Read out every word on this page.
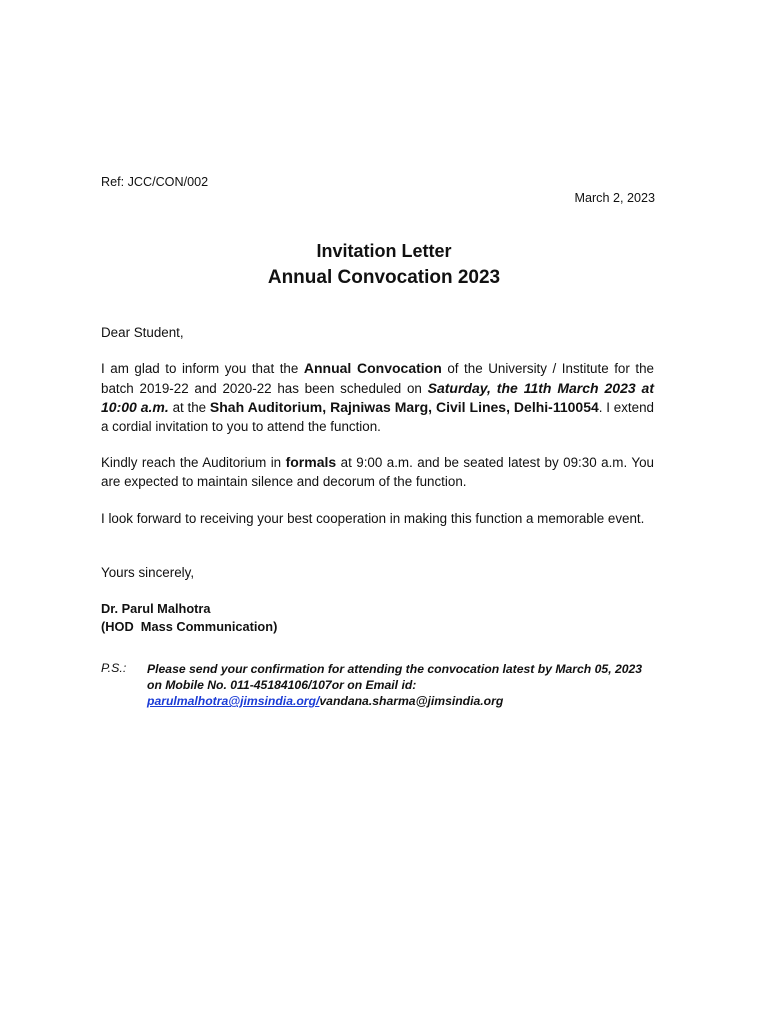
Ref: JCC/CON/002
March 2, 2023
Invitation Letter
Annual Convocation 2023
Dear Student,
I am glad to inform you that the Annual Convocation of the University / Institute for the batch 2019-22 and 2020-22 has been scheduled on Saturday, the 11th March 2023 at 10:00 a.m. at the Shah Auditorium, Rajniwas Marg, Civil Lines, Delhi-110054. I extend a cordial invitation to you to attend the function.
Kindly reach the Auditorium in formals at 9:00 a.m. and be seated latest by 09:30 a.m. You are expected to maintain silence and decorum of the function.
I look forward to receiving your best cooperation in making this function a memorable event.
Yours sincerely,
Dr. Parul Malhotra
(HOD  Mass Communication)
P.S.: Please send your confirmation for attending the convocation latest by March 05, 2023 on Mobile No. 011-45184106/107or on Email id:
parulmalhotra@jimsindia.org/vandana.sharma@jimsindia.org
